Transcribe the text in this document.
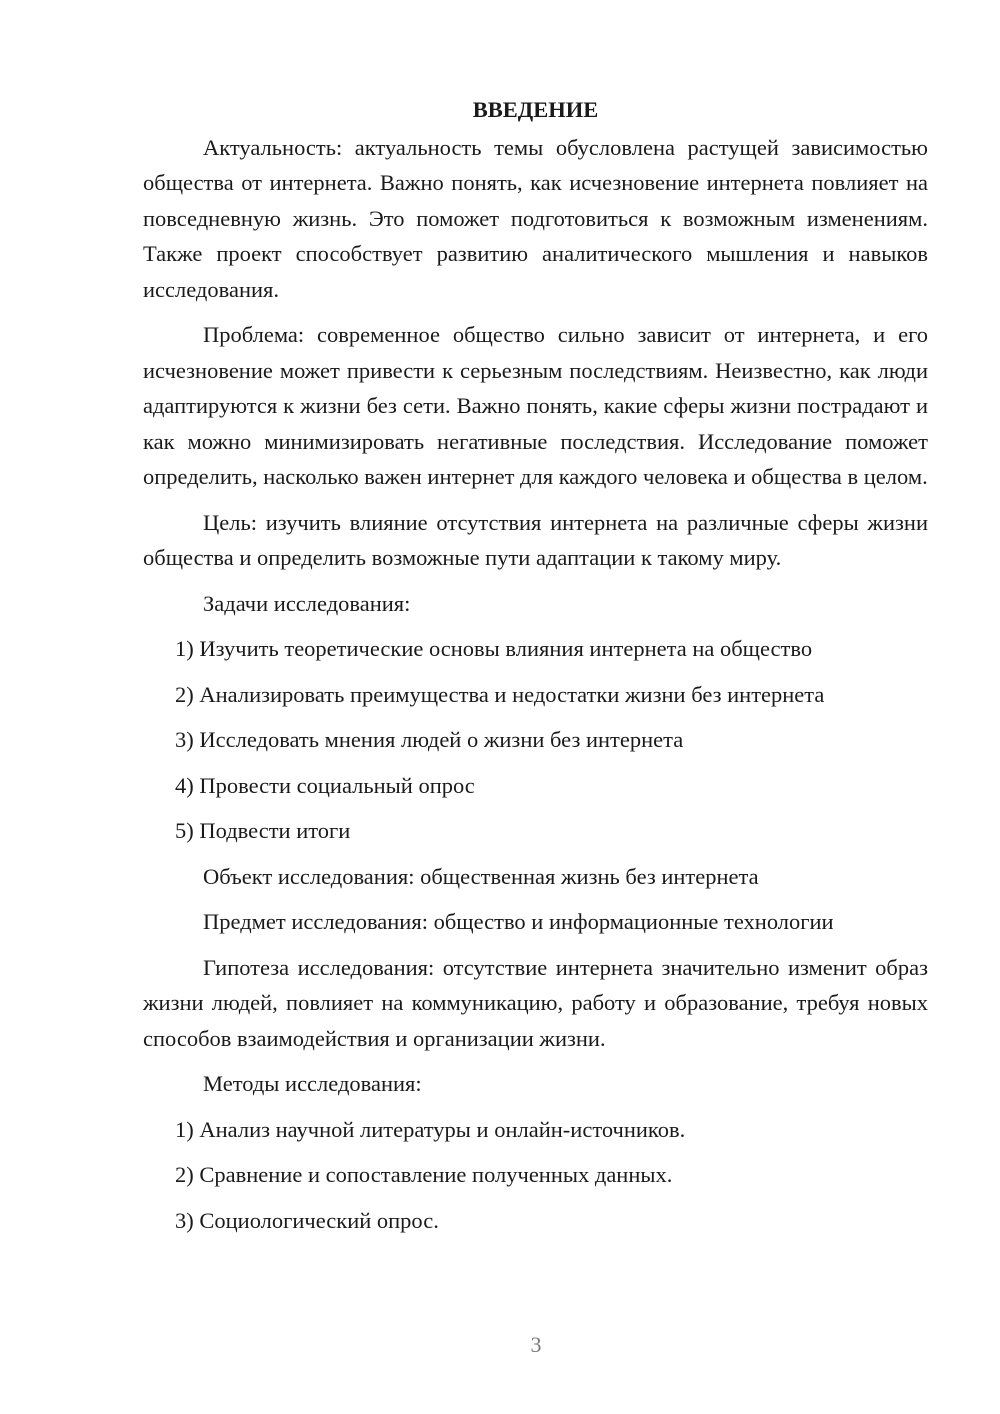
ВВЕДЕНИЕ

Актуальность: актуальность темы обусловлена растущей зависимостью общества от интернета. Важно понять, как исчезновение интернета повлияет на повседневную жизнь. Это поможет подготовиться к возможным изменениям. Также проект способствует развитию аналитического мышления и навыков исследования.

Проблема: современное общество сильно зависит от интернета, и его исчезновение может привести к серьезным последствиям. Неизвестно, как люди адаптируются к жизни без сети. Важно понять, какие сферы жизни пострадают и как можно минимизировать негативные последствия. Исследование поможет определить, насколько важен интернет для каждого человека и общества в целом.

Цель: изучить влияние отсутствия интернета на различные сферы жизни общества и определить возможные пути адаптации к такому миру.

Задачи исследования:

1) Изучить теоретические основы влияния интернета на общество

2) Анализировать преимущества и недостатки жизни без интернета

3) Исследовать мнения людей о жизни без интернета

4) Провести социальный опрос

5) Подвести итоги

Объект исследования: общественная жизнь без интернета

Предмет исследования: общество и информационные технологии

Гипотеза исследования: отсутствие интернета значительно изменит образ жизни людей, повлияет на коммуникацию, работу и образование, требуя новых способов взаимодействия и организации жизни.

Методы исследования:

1) Анализ научной литературы и онлайн-источников.

2) Сравнение и сопоставление полученных данных.

3) Социологический опрос.

3
